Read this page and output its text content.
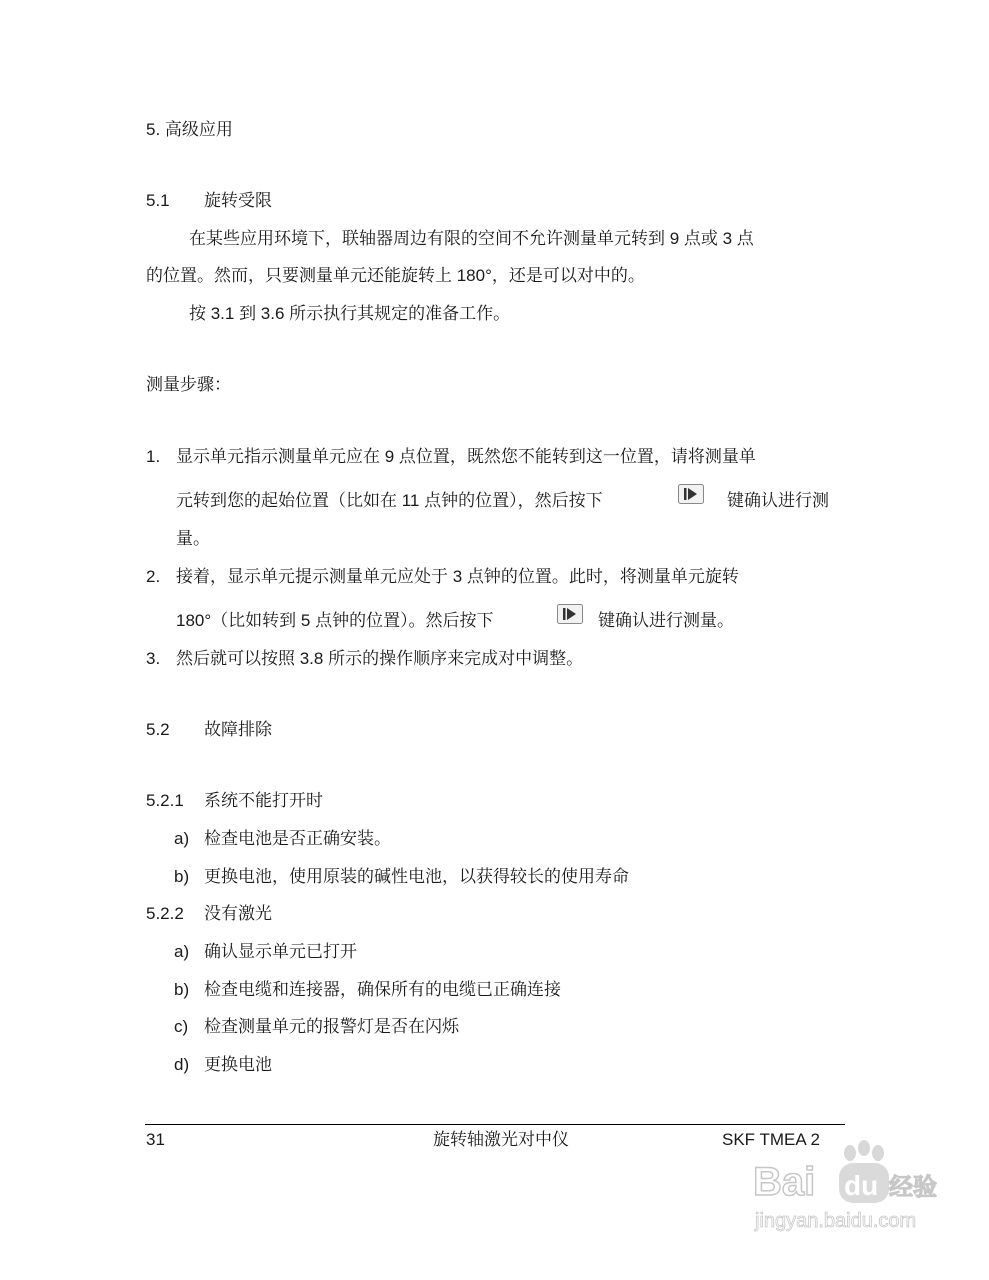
5. 高级应用
5.1 旋转受限
在某些应用环境下，联轴器周边有限的空间不允许测量单元转到 9 点或 3 点
的位置。然而，只要测量单元还能旋转上 180°，还是可以对中的。
按 3.1 到 3.6 所示执行其规定的准备工作。
测量步骤：
1. 显示单元指示测量单元应在 9 点位置，既然您不能转到这一位置，请将测量单
元转到您的起始位置（比如在 11 点钟的位置），然后按下	键确认进行测
量。
2. 接着，显示单元提示测量单元应处于 3 点钟的位置。此时，将测量单元旋转
180°（比如转到 5 点钟的位置）。然后按下	键确认进行测量。
3. 然后就可以按照 3.8 所示的操作顺序来完成对中调整。
5.2 故障排除
5.2.1 系统不能打开时
a) 检查电池是否正确安装。
b) 更换电池，使用原装的碱性电池，以获得较长的使用寿命
5.2.2 没有激光
a) 确认显示单元已打开
b) 检查电缆和连接器，确保所有的电缆已正确连接
c) 检查测量单元的报警灯是否在闪烁
d) 更换电池
31	旋转轴激光对中仪	SKF TMEA 2
Bai du 经验
jingyan.baidu.com
